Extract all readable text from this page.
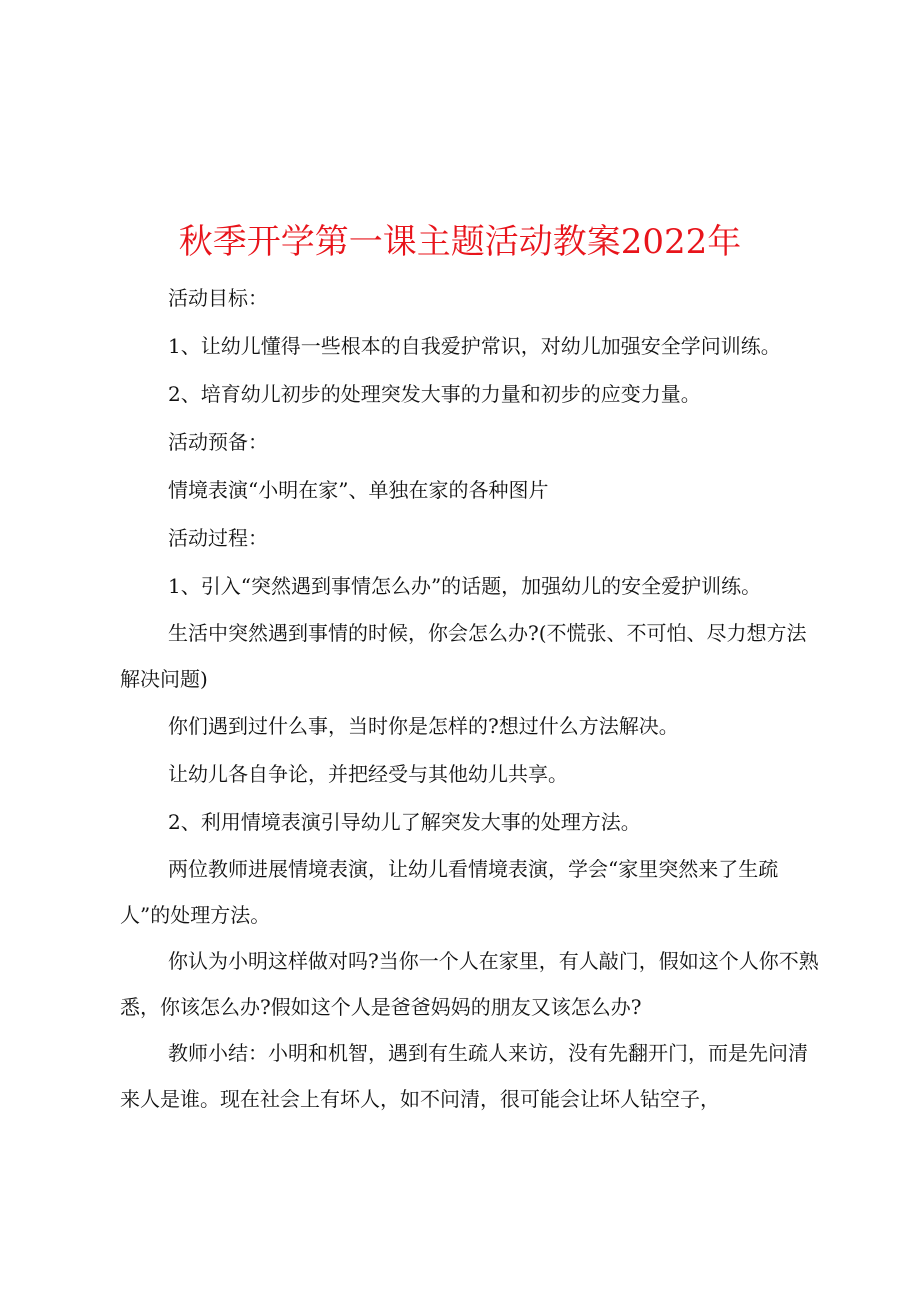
秋季开学第一课主题活动教案2022年

活动目标：

1、让幼儿懂得一些根本的自我爱护常识，对幼儿加强安全学问训练。

2、培育幼儿初步的处理突发大事的力量和初步的应变力量。

活动预备：

情境表演“小明在家”、单独在家的各种图片

活动过程：

1、引入“突然遇到事情怎么办”的话题，加强幼儿的安全爱护训练。

生活中突然遇到事情的时候，你会怎么办?(不慌张、不可怕、尽力想方法解决问题)

你们遇到过什么事，当时你是怎样的?想过什么方法解决。

让幼儿各自争论，并把经受与其他幼儿共享。

2、利用情境表演引导幼儿了解突发大事的处理方法。

两位教师进展情境表演，让幼儿看情境表演，学会“家里突然来了生疏人”的处理方法。

你认为小明这样做对吗?当你一个人在家里，有人敲门，假如这个人你不熟悉，你该怎么办?假如这个人是爸爸妈妈的朋友又该怎么办?

教师小结：小明和机智，遇到有生疏人来访，没有先翻开门，而是先问清来人是谁。现在社会上有坏人，如不问清，很可能会让坏人钻空子，
